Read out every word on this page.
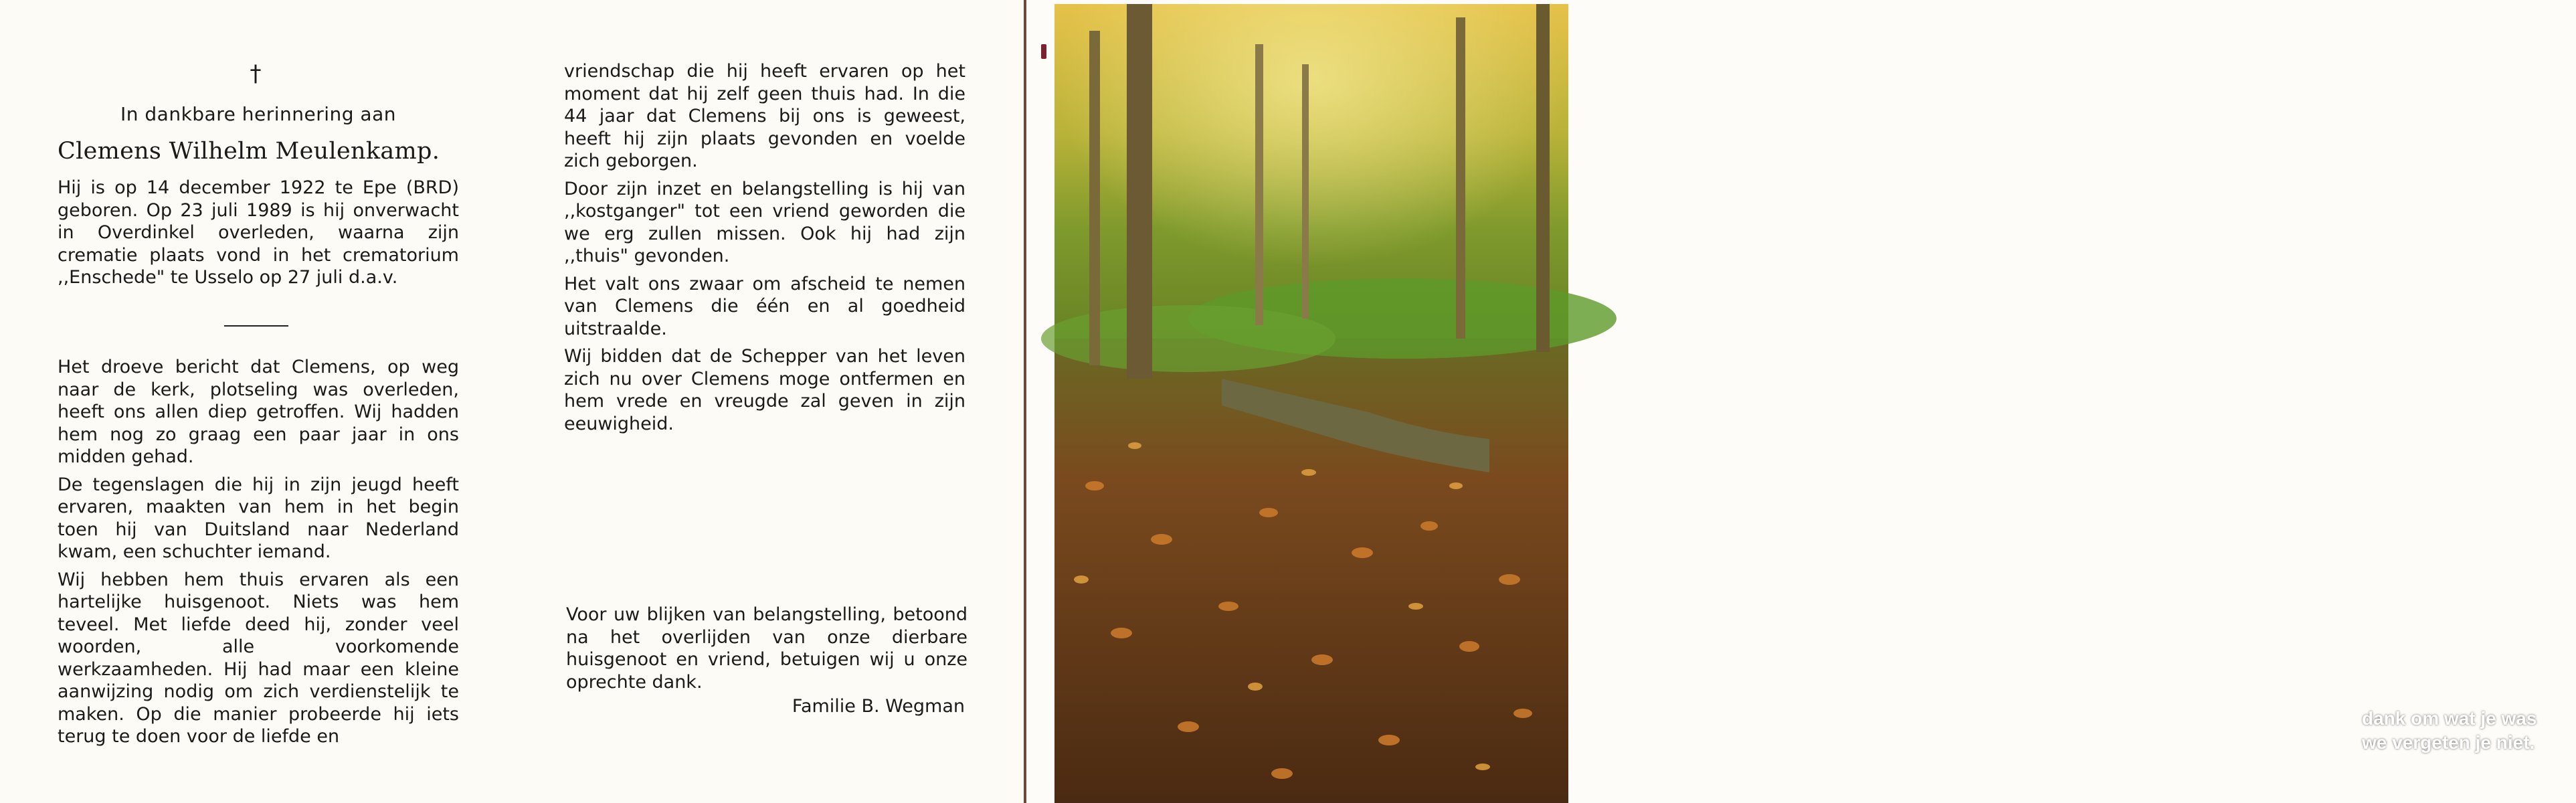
†
In dankbare herinnering aan
Clemens Wilhelm Meulenkamp.

Hij is op 14 december 1922 te Epe (BRD) geboren. Op 23 juli 1989 is hij onverwacht in Overdinkel overleden, waarna zijn crematie plaats vond in het crematorium ,,Enschede" te Usselo op 27 juli d.a.v.

Het droeve bericht dat Clemens, op weg naar de kerk, plotseling was overleden, heeft ons allen diep getroffen. Wij hadden hem nog zo graag een paar jaar in ons midden gehad.

De tegenslagen die hij in zijn jeugd heeft ervaren, maakten van hem in het begin toen hij van Duitsland naar Nederland kwam, een schuchter iemand.

Wij hebben hem thuis ervaren als een hartelijke huisgenoot. Niets was hem teveel. Met liefde deed hij, zonder veel woorden, alle voorkomende werkzaamheden. Hij had maar een kleine aanwijzing nodig om zich verdienstelijk te maken. Op die manier probeerde hij iets terug te doen voor de liefde en

vriendschap die hij heeft ervaren op het moment dat hij zelf geen thuis had. In die 44 jaar dat Clemens bij ons is geweest, heeft hij zijn plaats gevonden en voelde zich geborgen.

Door zijn inzet en belangstelling is hij van ,,kostganger" tot een vriend geworden die we erg zullen missen. Ook hij had zijn ,,thuis" gevonden.

Het valt ons zwaar om afscheid te nemen van Clemens die één en al goedheid uitstraalde.

Wij bidden dat de Schepper van het leven zich nu over Clemens moge ontfermen en hem vrede en vreugde zal geven in zijn eeuwigheid.

Voor uw blijken van belangstelling, betoond na het overlijden van onze dierbare huisgenoot en vriend, betuigen wij u onze oprechte dank.
Familie B. Wegman
dank om wat je was
we vergeten je niet.
